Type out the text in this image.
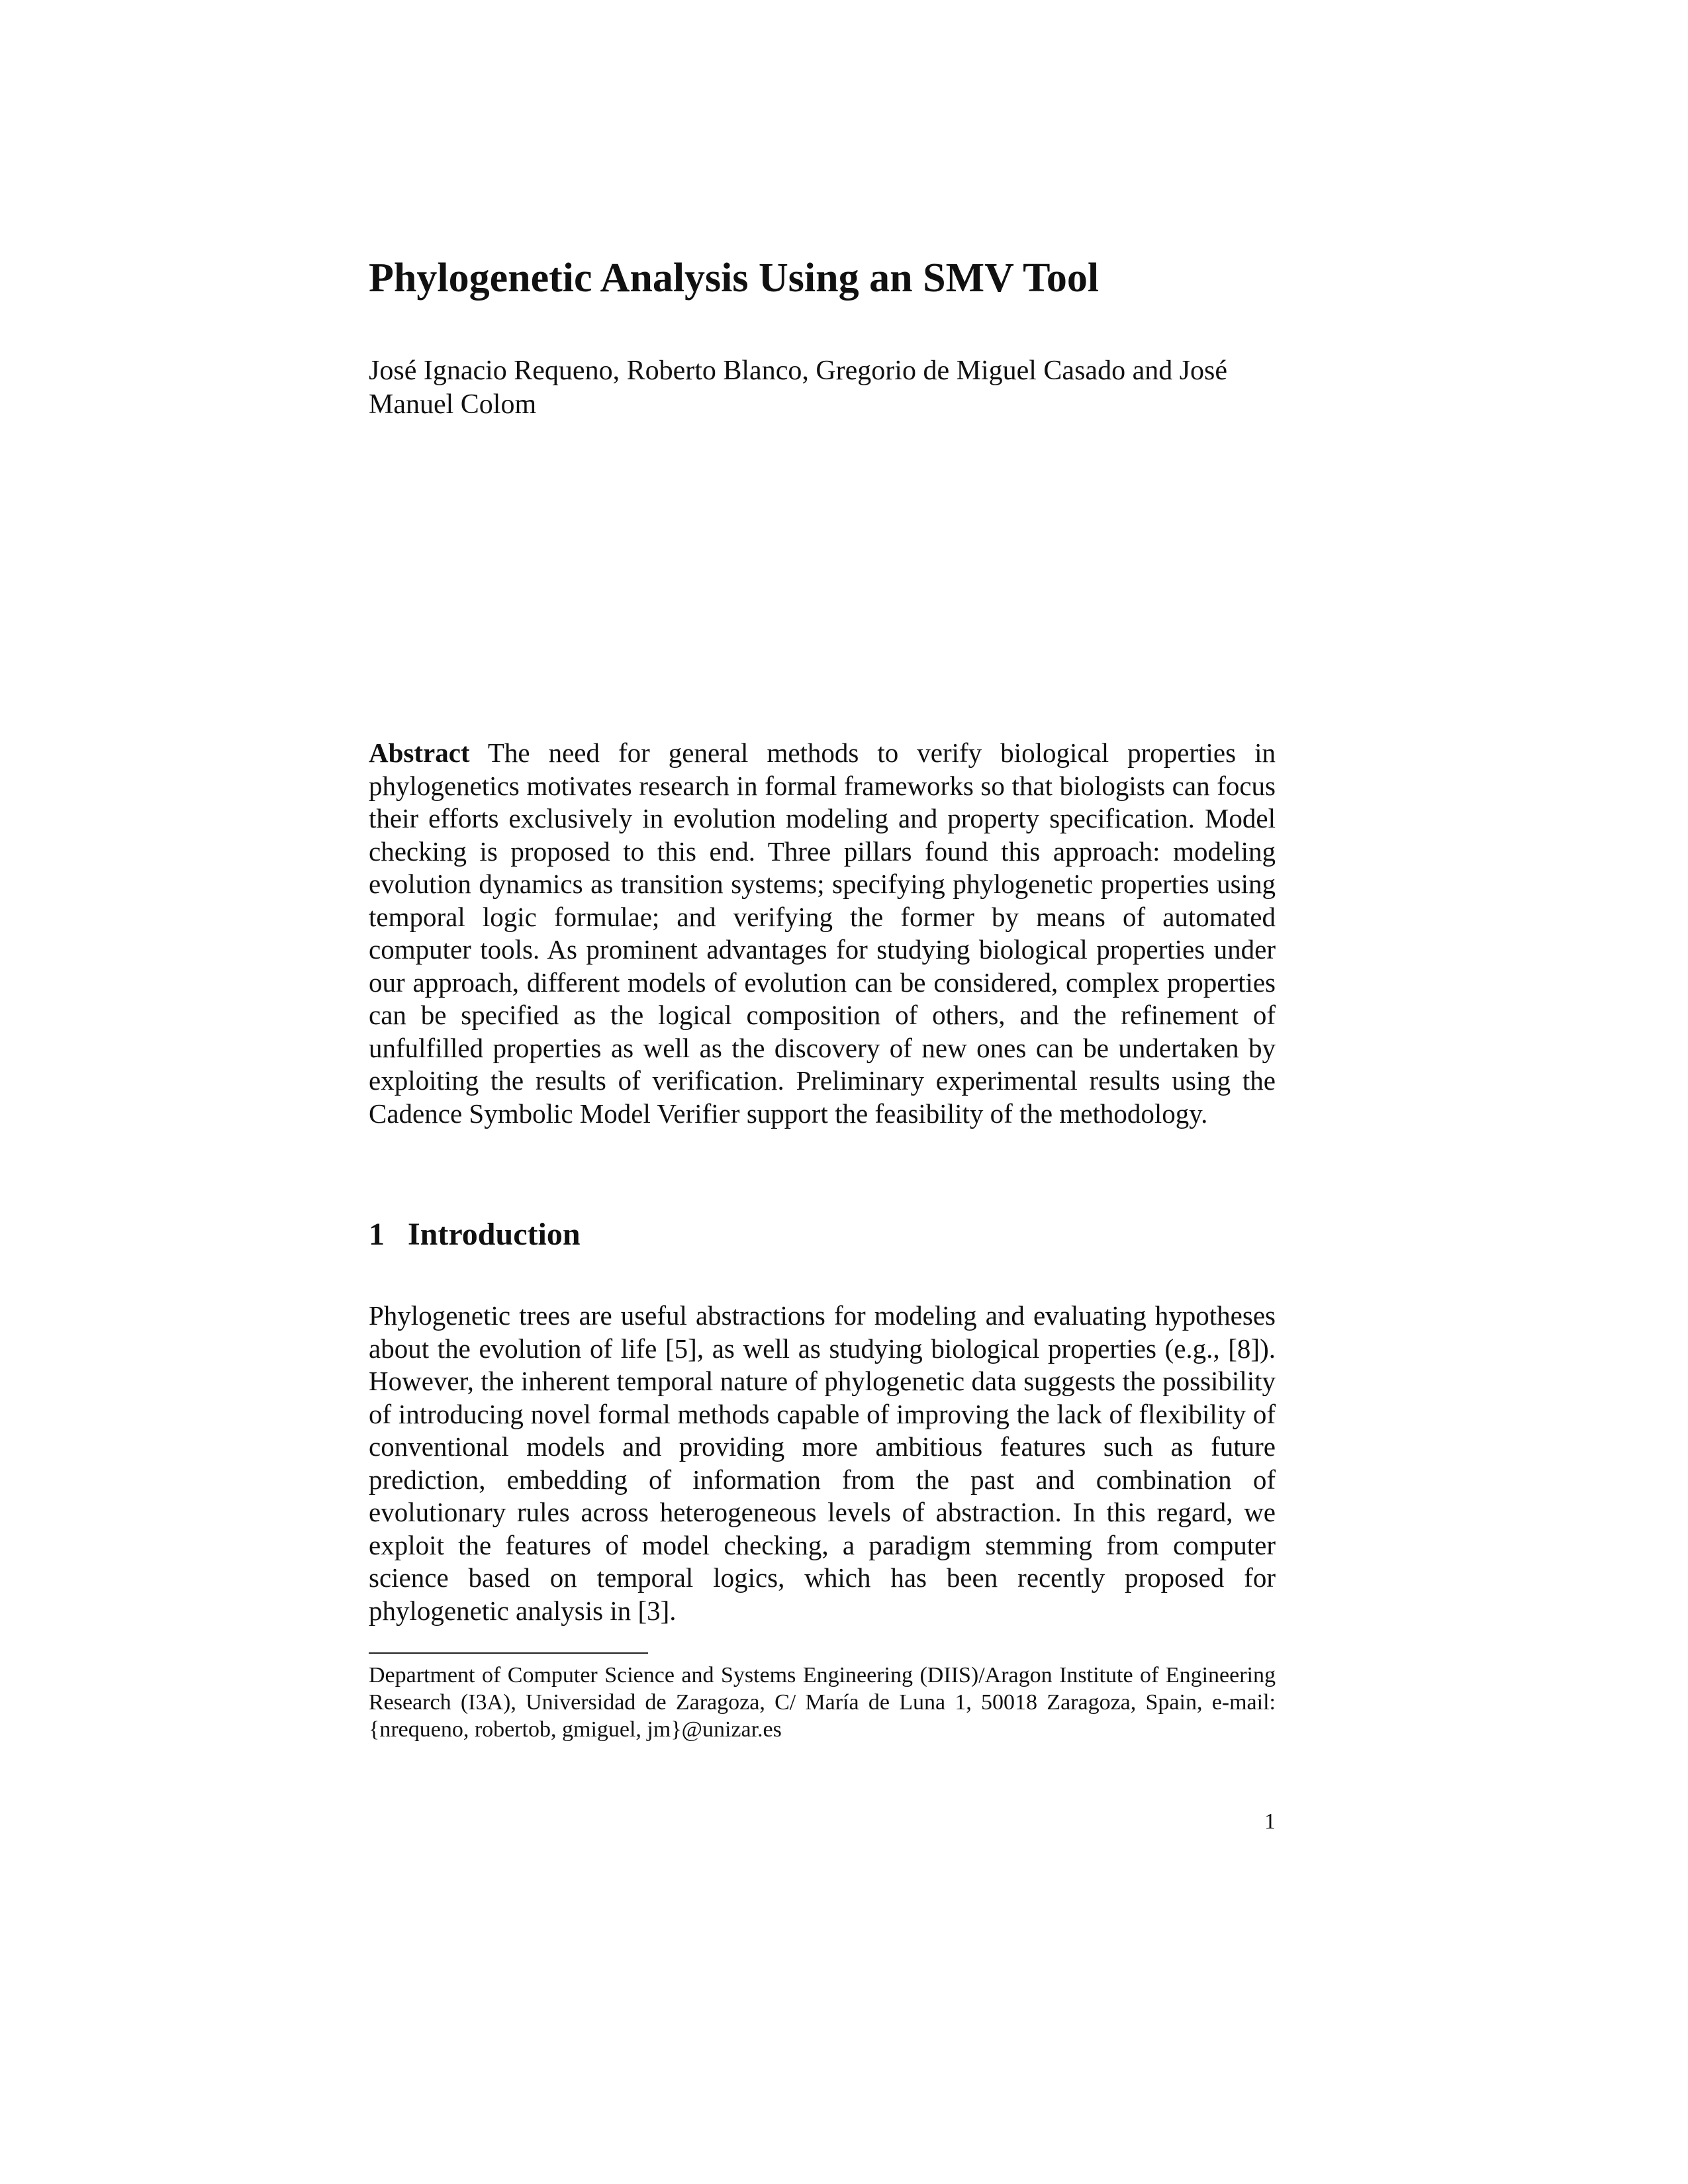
Phylogenetic Analysis Using an SMV Tool
José Ignacio Requeno, Roberto Blanco, Gregorio de Miguel Casado and José
Manuel Colom
Abstract The need for general methods to verify biological properties in phylogenetics motivates research in formal frameworks so that biologists can focus their efforts exclusively in evolution modeling and property specification. Model checking is proposed to this end. Three pillars found this approach: modeling evolution dynamics as transition systems; specifying phylogenetic properties using temporal logic formulae; and verifying the former by means of automated computer tools. As prominent advantages for studying biological properties under our approach, different models of evolution can be considered, complex properties can be specified as the logical composition of others, and the refinement of unfulfilled properties as well as the discovery of new ones can be undertaken by exploiting the results of verification. Preliminary experimental results using the Cadence Symbolic Model Verifier support the feasibility of the methodology.
1 Introduction
Phylogenetic trees are useful abstractions for modeling and evaluating hypotheses about the evolution of life [5], as well as studying biological properties (e.g., [8]). However, the inherent temporal nature of phylogenetic data suggests the possibility of introducing novel formal methods capable of improving the lack of flexibility of conventional models and providing more ambitious features such as future prediction, embedding of information from the past and combination of evolutionary rules across heterogeneous levels of abstraction. In this regard, we exploit the features of model checking, a paradigm stemming from computer science based on temporal logics, which has been recently proposed for phylogenetic analysis in [3].
Department of Computer Science and Systems Engineering (DIIS)/Aragon Institute of Engineering Research (I3A), Universidad de Zaragoza, C/ María de Luna 1, 50018 Zaragoza, Spain, e-mail: {nrequeno, robertob, gmiguel, jm}@unizar.es
1
